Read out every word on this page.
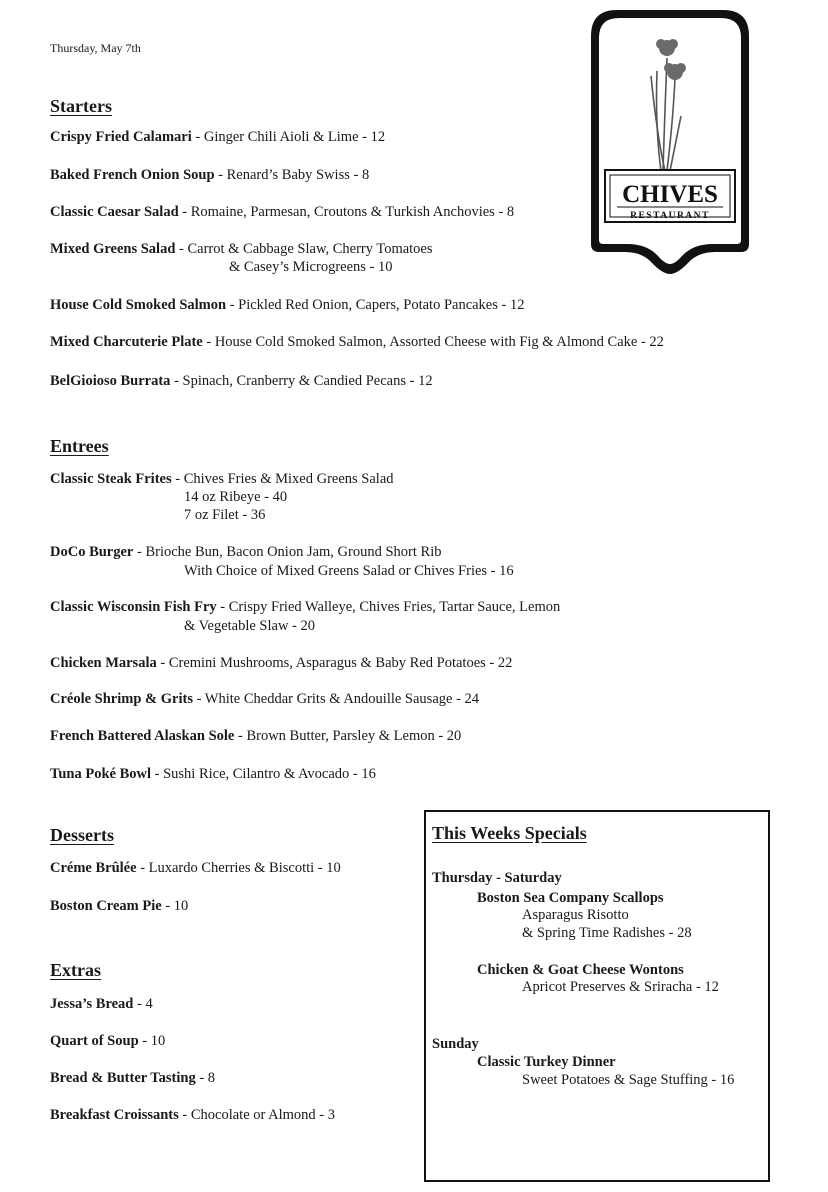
Thursday, May 7th
CHIVES
RESTAURANT
Starters
Crispy Fried Calamari - Ginger Chili Aioli & Lime - 12
Baked French Onion Soup - Renard’s Baby Swiss - 8
Classic Caesar Salad - Romaine, Parmesan, Croutons & Turkish Anchovies - 8
Mixed Greens Salad - Carrot & Cabbage Slaw, Cherry Tomatoes
& Casey’s Microgreens - 10
House Cold Smoked Salmon - Pickled Red Onion, Capers, Potato Pancakes - 12
Mixed Charcuterie Plate - House Cold Smoked Salmon, Assorted Cheese with Fig & Almond Cake - 22
BelGioioso Burrata - Spinach, Cranberry & Candied Pecans - 12
Entrees
Classic Steak Frites - Chives Fries & Mixed Greens Salad
14 oz Ribeye - 40
7 oz Filet - 36
DoCo Burger - Brioche Bun, Bacon Onion Jam, Ground Short Rib
With Choice of Mixed Greens Salad or Chives Fries - 16
Classic Wisconsin Fish Fry - Crispy Fried Walleye, Chives Fries, Tartar Sauce, Lemon
& Vegetable Slaw - 20
Chicken Marsala - Cremini Mushrooms, Asparagus & Baby Red Potatoes - 22
Créole Shrimp & Grits - White Cheddar Grits & Andouille Sausage - 24
French Battered Alaskan Sole - Brown Butter, Parsley & Lemon - 20
Tuna Poké Bowl - Sushi Rice, Cilantro & Avocado - 16
Desserts
Créme Brûlée - Luxardo Cherries & Biscotti - 10
Boston Cream Pie - 10
Extras
Jessa’s Bread - 4
Quart of Soup - 10
Bread & Butter Tasting - 8
Breakfast Croissants - Chocolate or Almond - 3
This Weeks Specials
Thursday - Saturday
Boston Sea Company Scallops
Asparagus Risotto
& Spring Time Radishes - 28
Chicken & Goat Cheese Wontons
Apricot Preserves & Sriracha - 12
Sunday
Classic Turkey Dinner
Sweet Potatoes & Sage Stuffing - 16
